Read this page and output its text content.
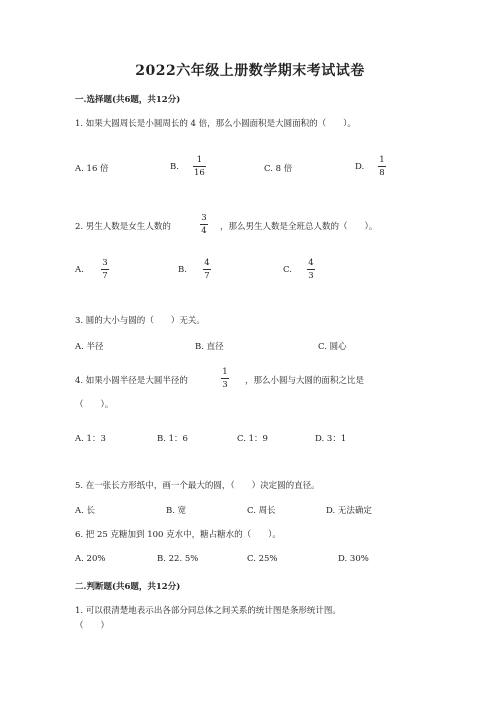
2022六年级上册数学期末考试试卷
一.选择题(共6题，共12分)
1. 如果大圆周长是小圆周长的 4 倍，那么小圆面积是大圆面积的（　　）。
A. 16 倍	B.
1
16	C. 8 倍	D.
1
8
2. 男生人数是女生人数的
3
4 ，那么男生人数是全班总人数的（　　）。
A.
3
7
B.
4
7
C.
4
3
3. 圆的大小与圆的（　　）无关。
A. 半径	B. 直径	C. 圆心
4. 如果小圆半径是大圆半径的
1
3 ，那么小圆与大圆的面积之比是
（　　）。
A. 1：3	B. 1：6	C. 1：9	D. 3：1
5. 在一张长方形纸中，画一个最大的圆，（　　）决定圆的直径。
A. 长	B. 宽	C. 周长	D. 无法确定
6. 把 25 克糖加到 100 克水中，糖占糖水的（　　）。
A. 20%	B. 22. 5%	C. 25%	D. 30%
二.判断题(共6题，共12分)
1. 可以很清楚地表示出各部分同总体之间关系的统计图是条形统计图。
（　　）
